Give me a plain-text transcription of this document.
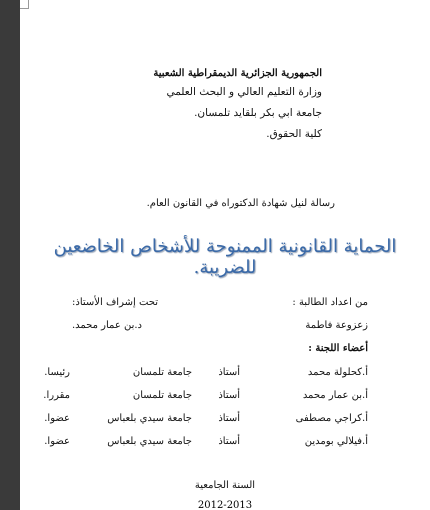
الجمهورية الجزائرية الديمقراطية الشعبية
وزارة التعليم العالي و البحث العلمي
جامعة ابي بكر بلقايد تلمسان.
كلية الحقوق.
رسالة لنيل شهادة الدكتوراه في القانون العام.
الحماية القانونية الممنوحة للأشخاص الخاضعين للضريبة.
من اعداد الطالبة :
تحت إشراف الأستاذ:
زعزوعة فاطمة
د.بن عمار محمد.
أعضاء اللجنة :
أ.كحلولة محمد
أستاذ
جامعة تلمسان
رئيسا.
أ.بن عمار محمد
أستاذ
جامعة تلمسان
مقررا.
أ.كراجي مصطفى
أستاذ
جامعة سيدي بلعباس
عضوا.
أ.فيلالي بومدين
أستاذ
جامعة سيدي بلعباس
عضوا.
السنة الجامعية
2012-2013
